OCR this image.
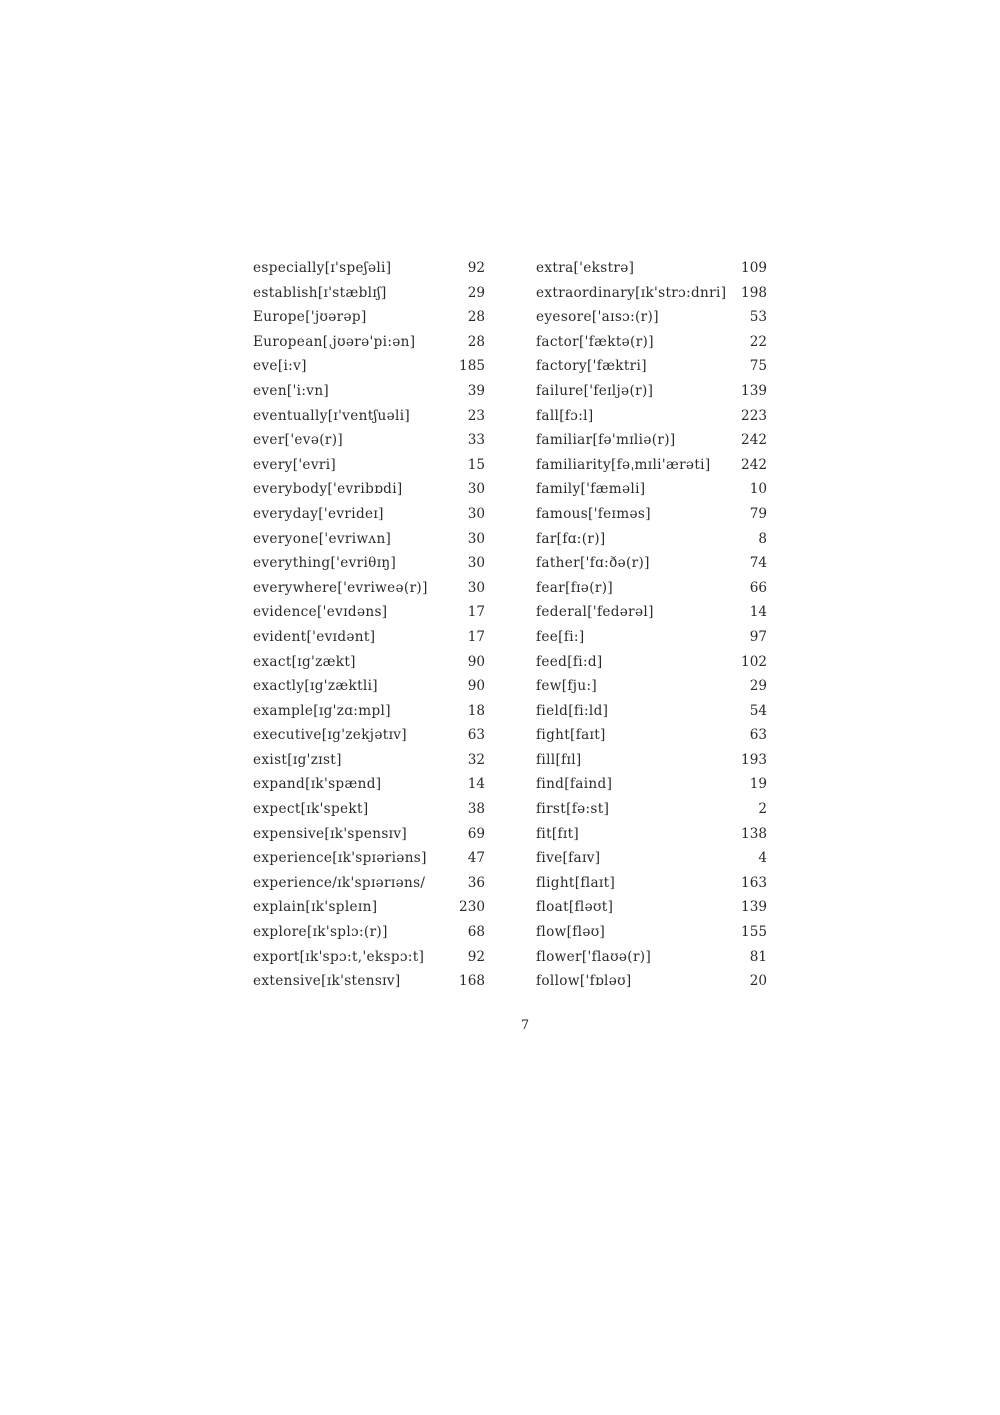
especially[ɪ'speʃəli]	92
establish[ɪ'stæblɪʃ]	29
Europe['jʊərəp]	28
European[ˌjʊərə'pi:ən]	28
eve[i:v]	185
even['i:vn]	39
eventually[ɪ'ventʃuəli]	23
ever['evə(r)]	33
every['evri]	15
everybody['evribɒdi]	30
everyday['evrideɪ]	30
everyone['evriwʌn]	30
everything['evriθɪŋ]	30
everywhere['evriweə(r)]	30
evidence['evɪdəns]	17
evident['evɪdənt]	17
exact[ɪg'zækt]	90
exactly[ɪg'zæktli]	90
example[ɪg'zɑ:mpl]	18
executive[ɪg'zekjətɪv]	63
exist[ɪg'zɪst]	32
expand[ɪk'spænd]	14
expect[ɪk'spekt]	38
expensive[ɪk'spensɪv]	69
experience[ɪk'spɪəriəns]	47
experience/ɪk'spɪərɪəns/	36
explain[ɪk'spleɪn]	230
explore[ɪk'splɔ:(r)]	68
export[ɪk'spɔ:t,'ekspɔ:t]	92
extensive[ɪk'stensɪv]	168
extra['ekstrə]	109
extraordinary[ɪk'strɔ:dnri] 198
eyesore['aɪsɔ:(r)]	53
factor['fæktə(r)]	22
factory['fæktri]	75
failure['feɪljə(r)]	139
fall[fɔ:l]	223
familiar[fə'mɪliə(r)]	242
familiarity[fəˌmɪli'ærəti] 242
family['fæməli]	10
famous['feɪməs]	79
far[fɑ:(r)]	8
father['fɑ:ðə(r)]	74
fear[fɪə(r)]	66
federal['fedərəl]	14
fee[fi:]	97
feed[fi:d]	102
few[fju:]	29
field[fi:ld]	54
fight[faɪt]	63
fill[fɪl]	193
find[faind]	19
first[fə:st]	2
fit[fɪt]	138
five[faɪv]	4
flight[flaɪt]	163
float[fləʊt]	139
flow[fləʊ]	155
flower['flaʊə(r)]	81
follow['fɒləʊ]	20
7
